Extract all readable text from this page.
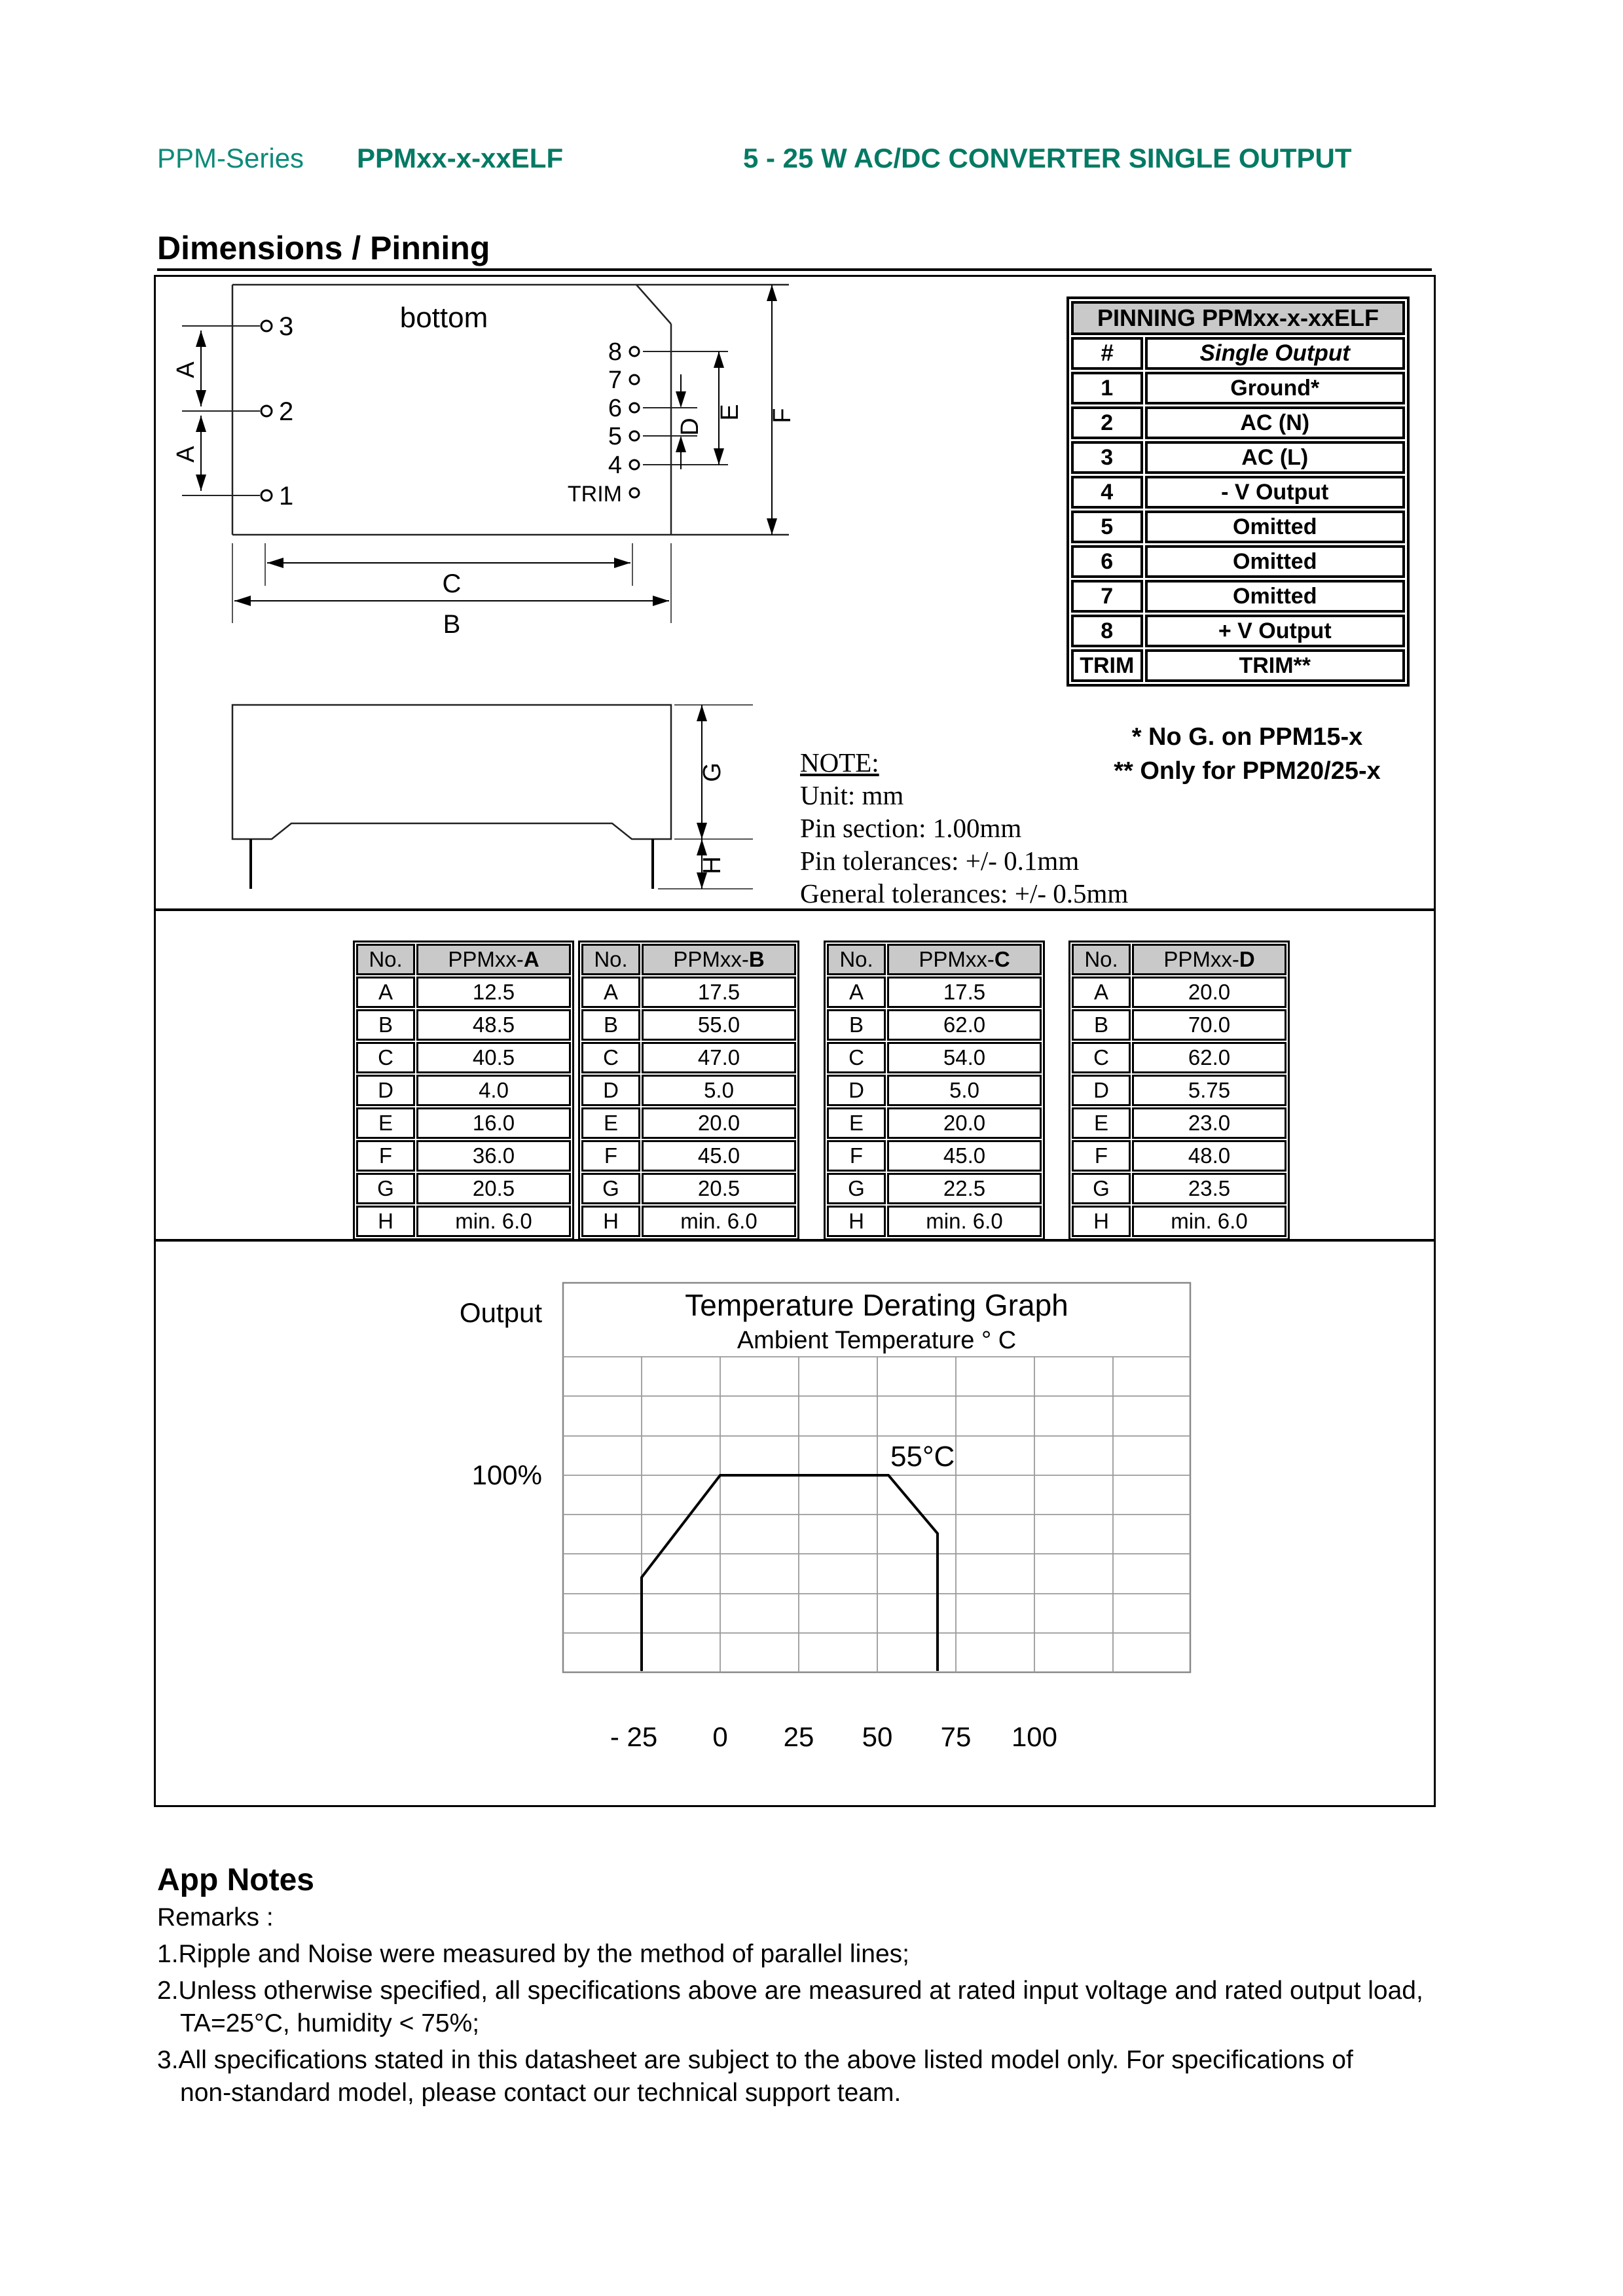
PPM-Series PPMxx-x-xxELF	5 - 25 W AC/DC CONVERTER SINGLE OUTPUT
Dimensions / Pinning
bottom
3
2
1
A
A
8
7
6
5
4
TRIM
D
E F
C
B
G
H
PINNING PPMxx-x-xxELF	
#	Single Output
1	Ground*
2	AC (N)
3	AC (L)
4	- V Output
5	Omitted
6	Omitted
7	Omitted
8	+ V Output
TRIM	TRIM**
* No G. on PPM15-x
** Only for PPM20/25-x
NOTE:
Unit: mm
Pin section: 1.00mm
Pin tolerances: +/- 0.1mm
General tolerances: +/- 0.5mm
No.	PPMxx-A
A	12.5
B	48.5
C	40.5
D	4.0
E	16.0
F	36.0
G	20.5
H	min. 6.0
No.	PPMxx-B
A	17.5
B	55.0
C	47.0
D	5.0
E	20.0
F	45.0
G	20.5
H	min. 6.0
No.	PPMxx-C
A	17.5
B	62.0
C	54.0
D	5.0
E	20.0
F	45.0
G	22.5
H	min. 6.0
No.	PPMxx-D
A	20.0
B	70.0
C	62.0
D	5.75
E	23.0
F	48.0
G	23.5
H	min. 6.0
Temperature Derating Graph
Ambient Temperature ° C
55°C
Output
100%
- 25 0 25 50 75 100
App Notes
Remarks :
1.Ripple and Noise were measured by the method of parallel lines;
2.Unless otherwise specified, all specifications above are measured at rated input voltage and rated output load,
TA=25°C, humidity < 75%;
3.All specifications stated in this datasheet are subject to the above listed model only. For specifications of
non-standard model, please contact our technical support team.
